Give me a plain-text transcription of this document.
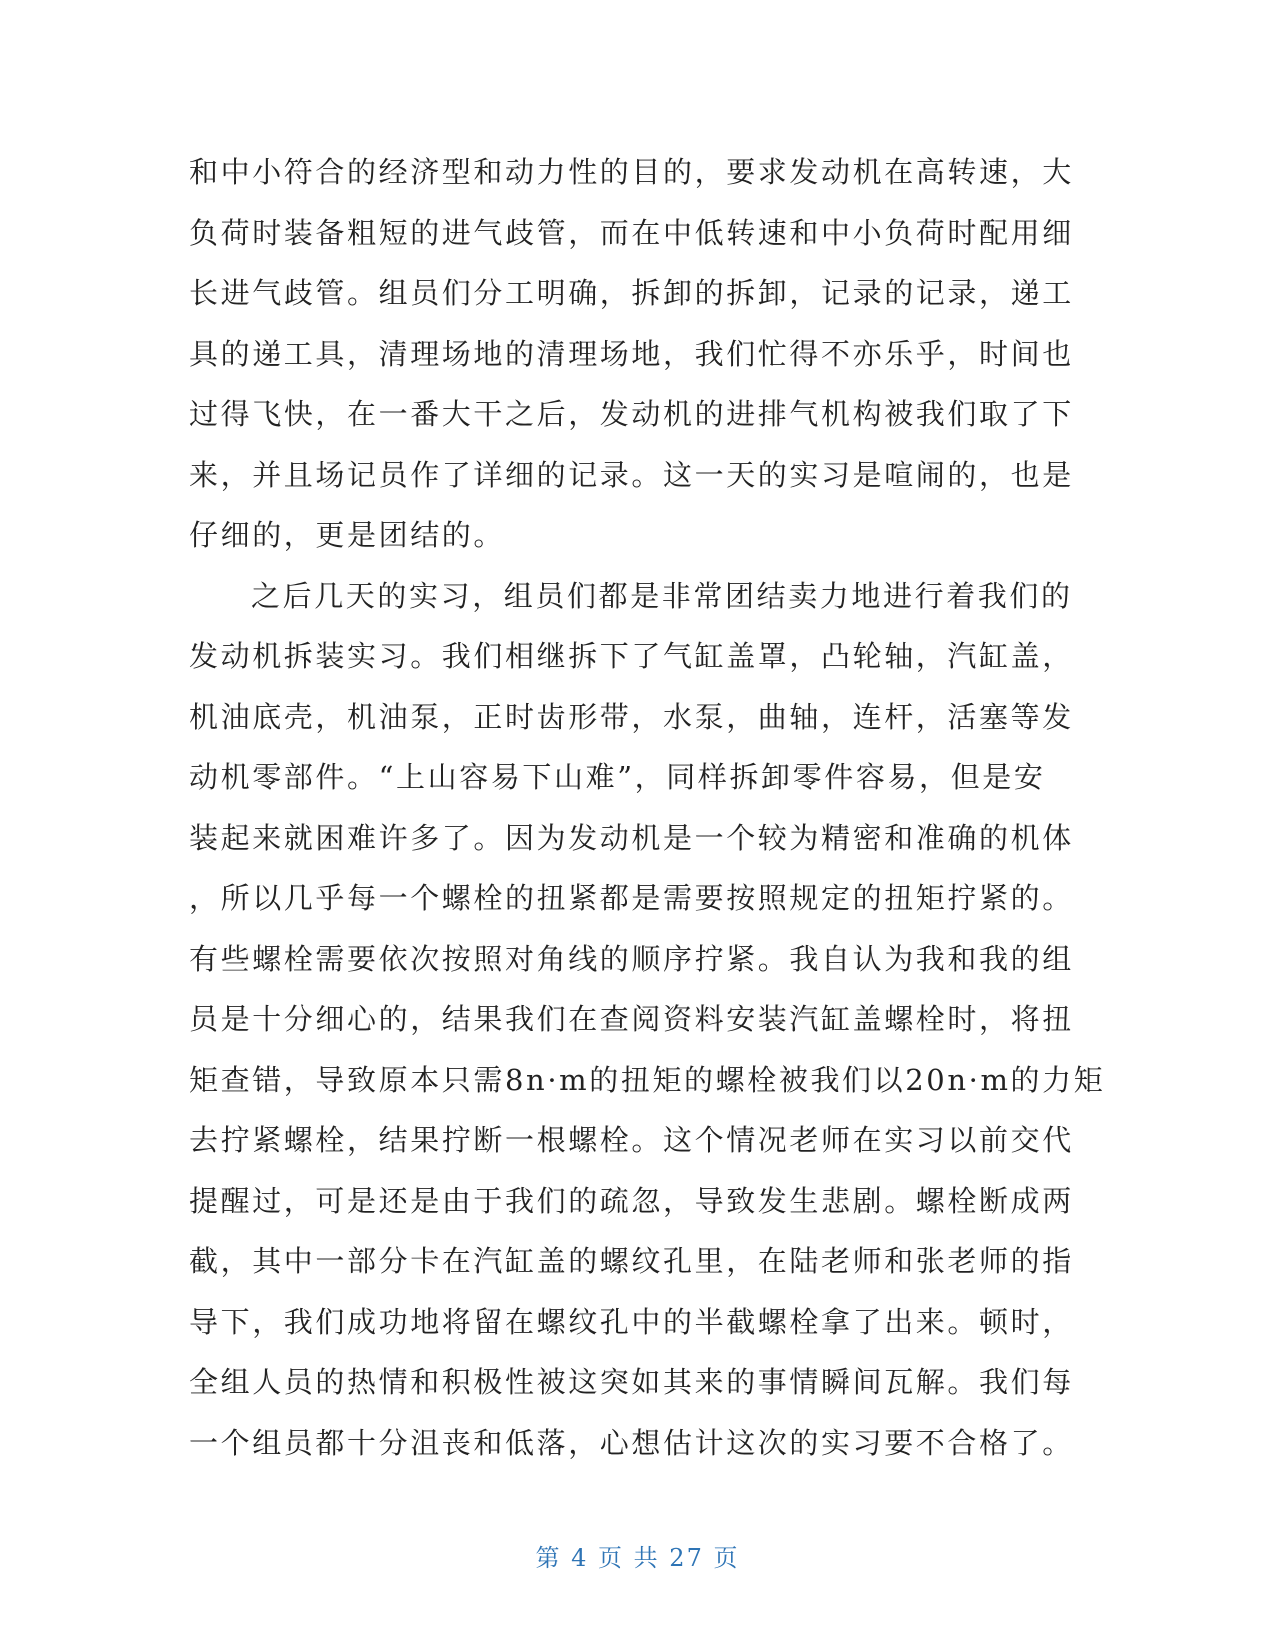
和中小符合的经济型和动力性的目的，要求发动机在高转速，大
负荷时装备粗短的进气歧管，而在中低转速和中小负荷时配用细
长进气歧管。组员们分工明确，拆卸的拆卸，记录的记录，递工
具的递工具，清理场地的清理场地，我们忙得不亦乐乎，时间也
过得飞快，在一番大干之后，发动机的进排气机构被我们取了下
来，并且场记员作了详细的记录。这一天的实习是喧闹的，也是
仔细的，更是团结的。
之后几天的实习，组员们都是非常团结卖力地进行着我们的
发动机拆装实习。我们相继拆下了气缸盖罩，凸轮轴，汽缸盖，
机油底壳，机油泵，正时齿形带，水泵，曲轴，连杆，活塞等发
动机零部件。“上山容易下山难”，同样拆卸零件容易，但是安
装起来就困难许多了。因为发动机是一个较为精密和准确的机体
，所以几乎每一个螺栓的扭紧都是需要按照规定的扭矩拧紧的。
有些螺栓需要依次按照对角线的顺序拧紧。我自认为我和我的组
员是十分细心的，结果我们在查阅资料安装汽缸盖螺栓时，将扭
矩查错，导致原本只需8n·m的扭矩的螺栓被我们以20n·m的力矩
去拧紧螺栓，结果拧断一根螺栓。这个情况老师在实习以前交代
提醒过，可是还是由于我们的疏忽，导致发生悲剧。螺栓断成两
截，其中一部分卡在汽缸盖的螺纹孔里，在陆老师和张老师的指
导下，我们成功地将留在螺纹孔中的半截螺栓拿了出来。顿时，
全组人员的热情和积极性被这突如其来的事情瞬间瓦解。我们每
一个组员都十分沮丧和低落，心想估计这次的实习要不合格了。
第 4 页 共 27 页
